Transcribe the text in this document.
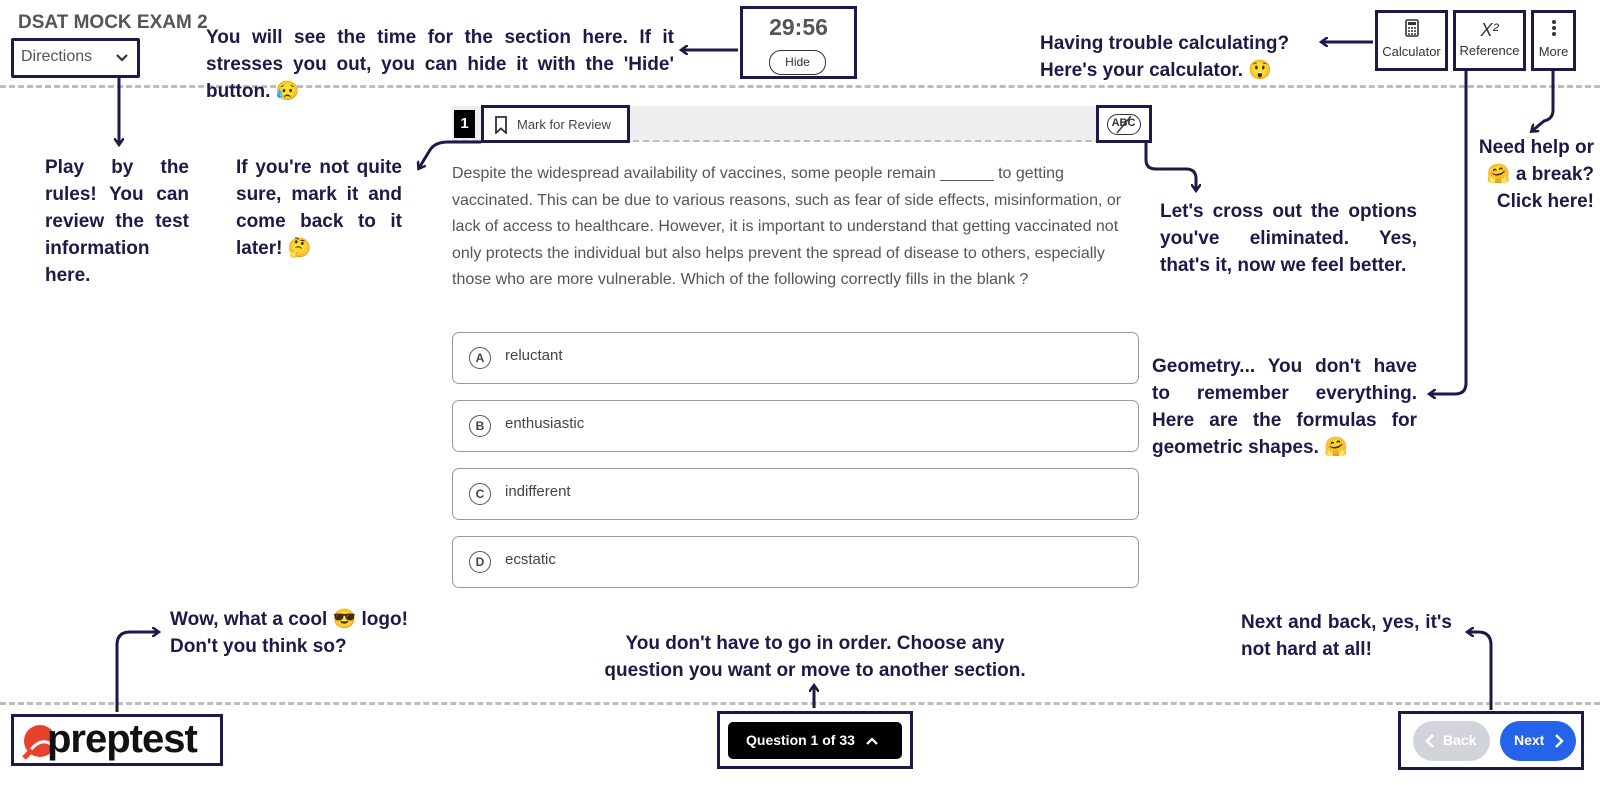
DSAT MOCK EXAM 2
Directions
29:56
Hide
Calculator
X²
Reference	More
1	Mark for Review	ABC
Despite the widespread availability of vaccines, some people remain ______ to getting vaccinated. This can be due to various reasons, such as fear of side effects, misinformation, or lack of access to healthcare. However, it is important to understand that getting vaccinated not only protects the individual but also helps prevent the spread of disease to others, especially those who are more vulnerable. Which of the following correctly fills in the blank ?
A	reluctant
B	enthusiastic
C	indifferent
D	ecstatic
preptest	Question 1 of 33	Back	Next
You will see the time for the section here. If it stresses you out, you can hide it with the 'Hide' button. 😥
Having trouble calculating? Here's your calculator. 😲
Play by the rules! You can review the test information here.
If you're not quite sure, mark it and come back to it later! 🤔
Need help or 🤗 a break? Click here!
Let's cross out the options you've eliminated. Yes, that's it, now we feel better.
Geometry... You don't have to remember everything. Here are the formulas for geometric shapes. 🤗
Wow, what a cool 😎 logo! Don't you think so?	You don't have to go in order. Choose any question you want or move to another section.
Next and back, yes, it's not hard at all!
